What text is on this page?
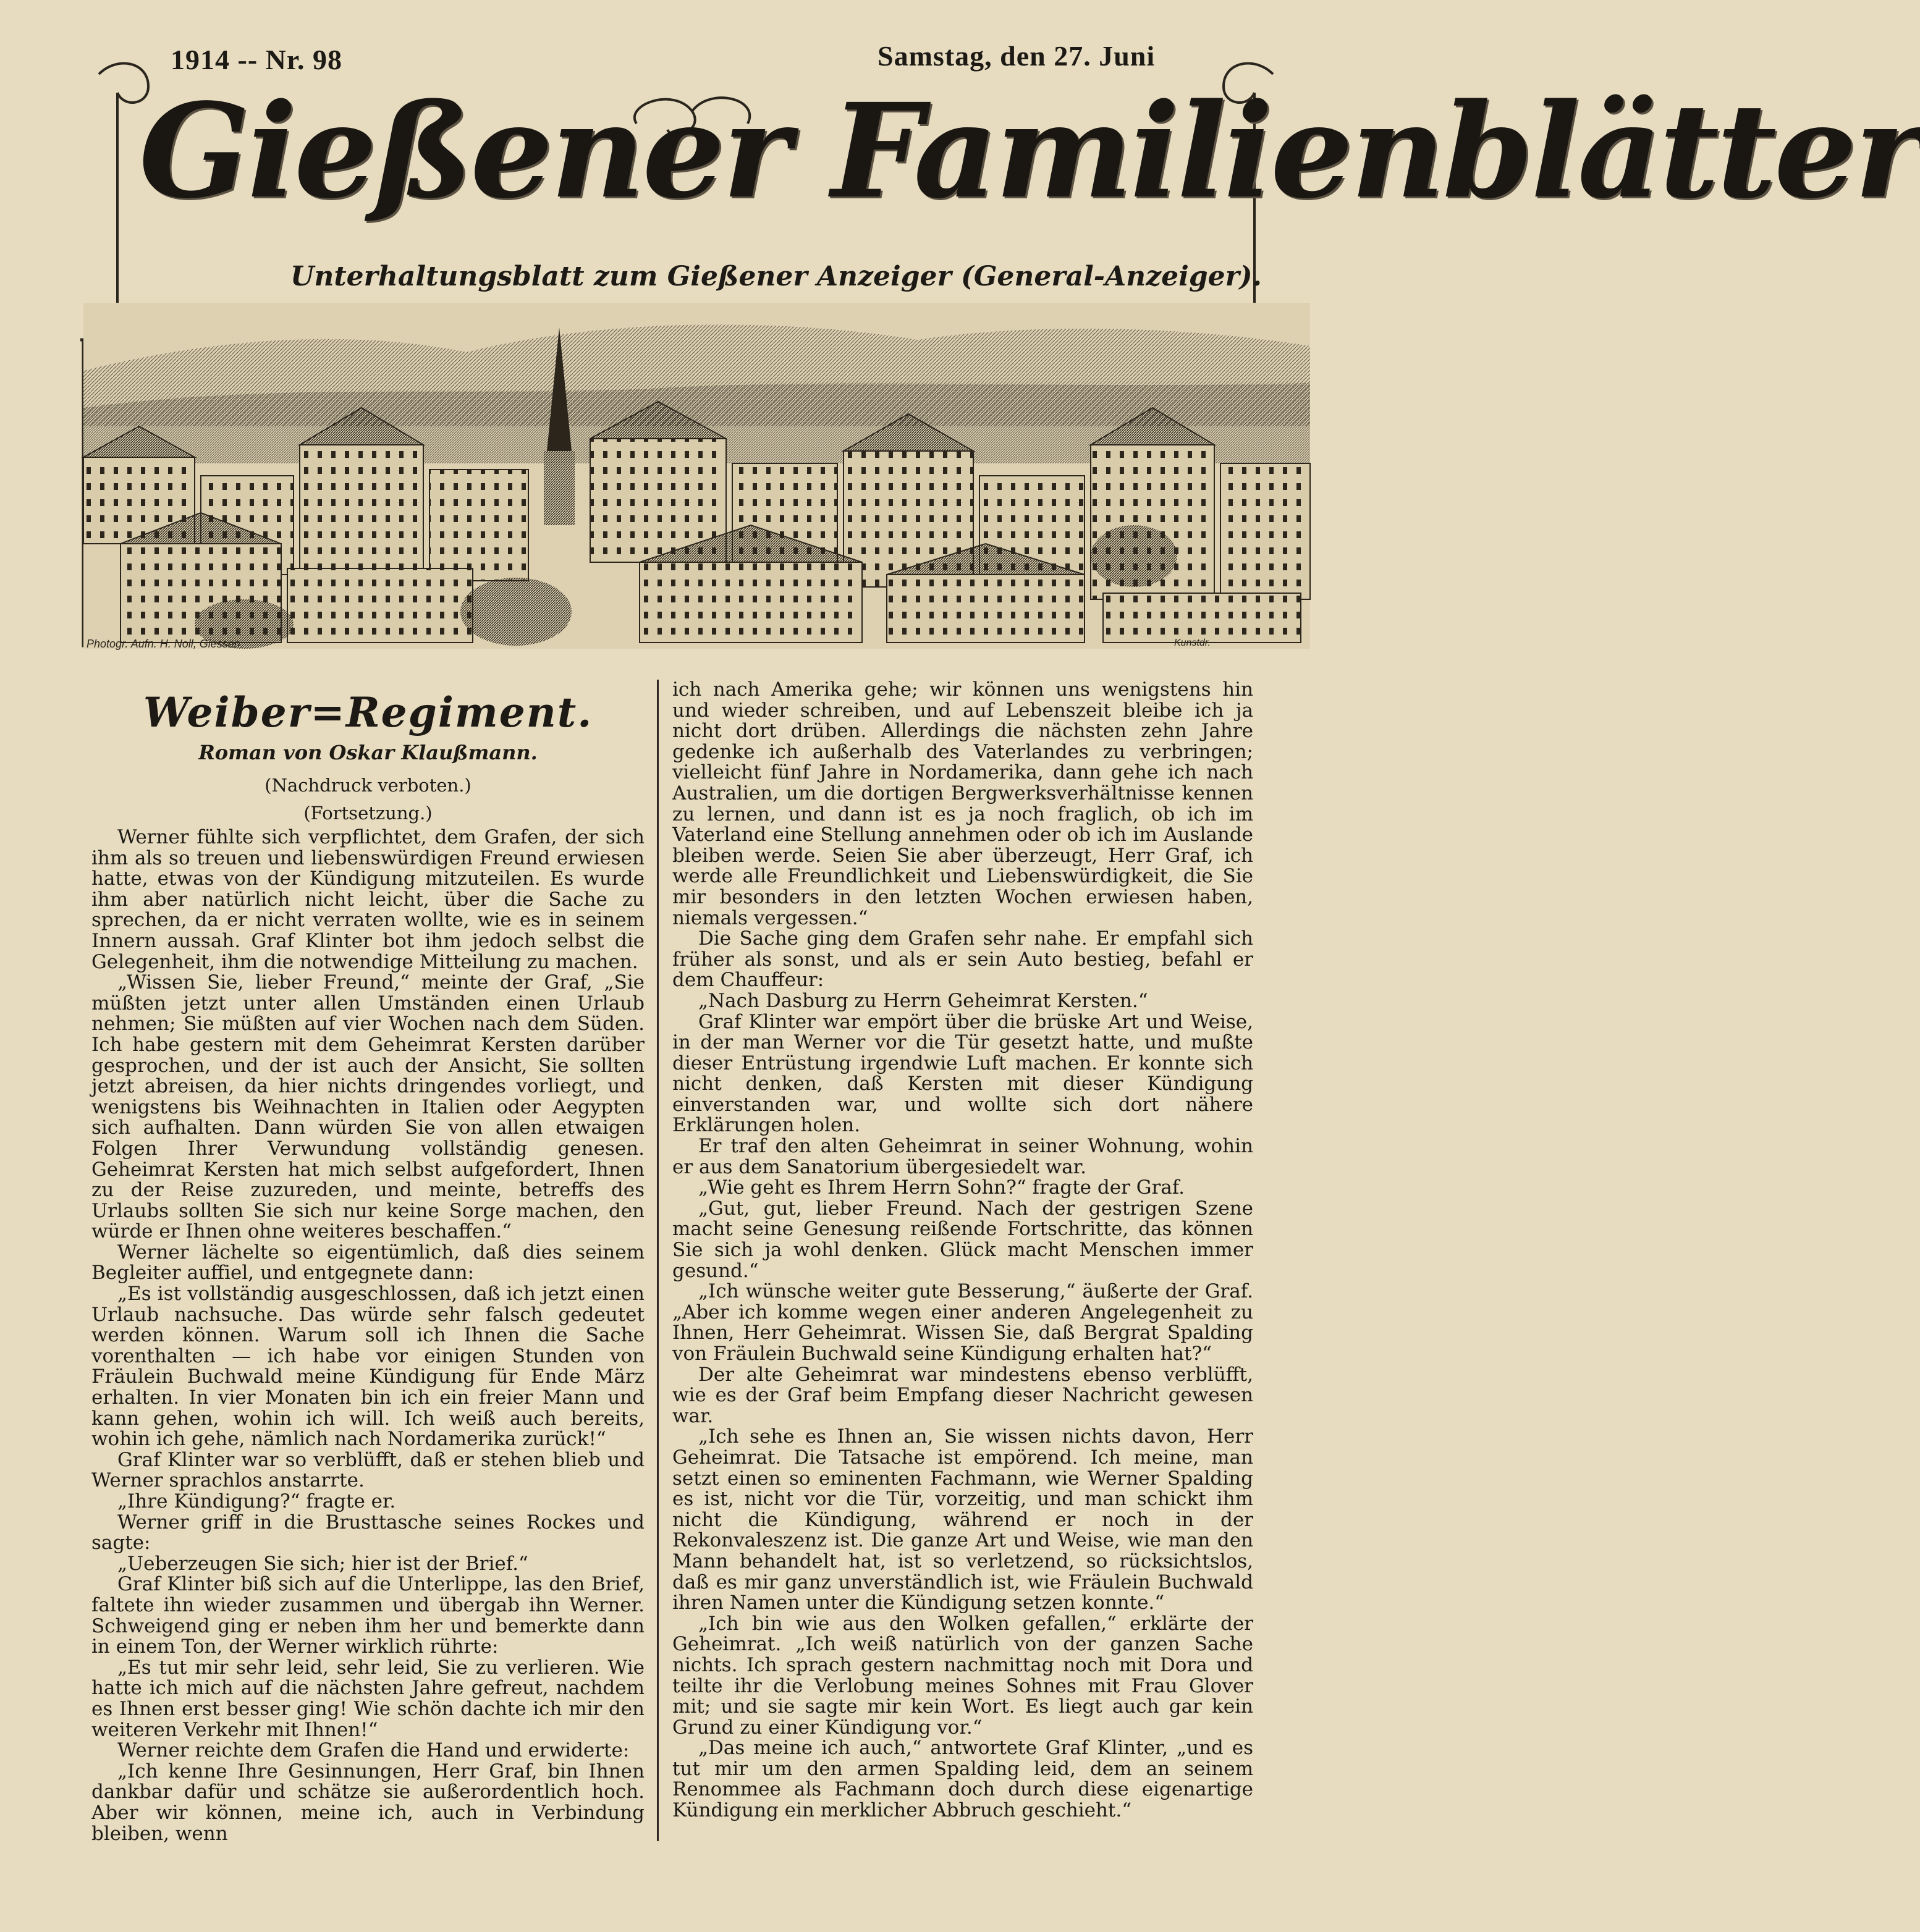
1914 -- Nr. 98	Samstag, den 27. Juni
Gießener Familienblätter
Unterhaltungsblatt zum Gießener Anzeiger (General-Anzeiger).
Photogr. Aufn. H. Noll, Giessen.	Kunstdr.
Weiber=Regiment.
Roman von Oskar Klaußmann.
(Nachdruck verboten.)
(Fortsetzung.)

Werner fühlte sich verpflichtet, dem Grafen, der sich ihm als so treuen und liebenswürdigen Freund erwiesen hatte, etwas von der Kündigung mitzuteilen. Es wurde ihm aber natürlich nicht leicht, über die Sache zu sprechen, da er nicht verraten wollte, wie es in seinem Innern aussah. Graf Klinter bot ihm jedoch selbst die Gelegenheit, ihm die notwendige Mitteilung zu machen.

„Wissen Sie, lieber Freund,“ meinte der Graf, „Sie müßten jetzt unter allen Umständen einen Urlaub nehmen; Sie müßten auf vier Wochen nach dem Süden. Ich habe gestern mit dem Geheimrat Kersten darüber gesprochen, und der ist auch der Ansicht, Sie sollten jetzt abreisen, da hier nichts dringendes vorliegt, und wenigstens bis Weihnachten in Italien oder Aegypten sich aufhalten. Dann würden Sie von allen etwaigen Folgen Ihrer Verwundung vollständig genesen. Geheimrat Kersten hat mich selbst aufgefordert, Ihnen zu der Reise zuzureden, und meinte, betreffs des Urlaubs sollten Sie sich nur keine Sorge machen, den würde er Ihnen ohne weiteres beschaffen.“

Werner lächelte so eigentümlich, daß dies seinem Begleiter auffiel, und entgegnete dann:

„Es ist vollständig ausgeschlossen, daß ich jetzt einen Urlaub nachsuche. Das würde sehr falsch gedeutet werden können. Warum soll ich Ihnen die Sache vorenthalten — ich habe vor einigen Stunden von Fräulein Buchwald meine Kündigung für Ende März erhalten. In vier Monaten bin ich ein freier Mann und kann gehen, wohin ich will. Ich weiß auch bereits, wohin ich gehe, nämlich nach Nordamerika zurück!“

Graf Klinter war so verblüfft, daß er stehen blieb und Werner sprachlos anstarrte.

„Ihre Kündigung?“ fragte er.

Werner griff in die Brusttasche seines Rockes und sagte:

„Ueberzeugen Sie sich; hier ist der Brief.“

Graf Klinter biß sich auf die Unterlippe, las den Brief, faltete ihn wieder zusammen und übergab ihn Werner. Schweigend ging er neben ihm her und bemerkte dann in einem Ton, der Werner wirklich rührte:

„Es tut mir sehr leid, sehr leid, Sie zu verlieren. Wie hatte ich mich auf die nächsten Jahre gefreut, nachdem es Ihnen erst besser ging! Wie schön dachte ich mir den weiteren Verkehr mit Ihnen!“

Werner reichte dem Grafen die Hand und erwiderte:

„Ich kenne Ihre Gesinnungen, Herr Graf, bin Ihnen dankbar dafür und schätze sie außerordentlich hoch. Aber wir können, meine ich, auch in Verbindung bleiben, wenn

ich nach Amerika gehe; wir können uns wenigstens hin und wieder schreiben, und auf Lebenszeit bleibe ich ja nicht dort drüben. Allerdings die nächsten zehn Jahre gedenke ich außerhalb des Vaterlandes zu verbringen; vielleicht fünf Jahre in Nordamerika, dann gehe ich nach Australien, um die dortigen Bergwerksverhältnisse kennen zu lernen, und dann ist es ja noch fraglich, ob ich im Vaterland eine Stellung annehmen oder ob ich im Auslande bleiben werde. Seien Sie aber überzeugt, Herr Graf, ich werde alle Freundlichkeit und Liebenswürdigkeit, die Sie mir besonders in den letzten Wochen erwiesen haben, niemals vergessen.“

Die Sache ging dem Grafen sehr nahe. Er empfahl sich früher als sonst, und als er sein Auto bestieg, befahl er dem Chauffeur:

„Nach Dasburg zu Herrn Geheimrat Kersten.“

Graf Klinter war empört über die brüske Art und Weise, in der man Werner vor die Tür gesetzt hatte, und mußte dieser Entrüstung irgendwie Luft machen. Er konnte sich nicht denken, daß Kersten mit dieser Kündigung einverstanden war, und wollte sich dort nähere Erklärungen holen.

Er traf den alten Geheimrat in seiner Wohnung, wohin er aus dem Sanatorium übergesiedelt war.

„Wie geht es Ihrem Herrn Sohn?“ fragte der Graf.

„Gut, gut, lieber Freund. Nach der gestrigen Szene macht seine Genesung reißende Fortschritte, das können Sie sich ja wohl denken. Glück macht Menschen immer gesund.“

„Ich wünsche weiter gute Besserung,“ äußerte der Graf. „Aber ich komme wegen einer anderen Angelegenheit zu Ihnen, Herr Geheimrat. Wissen Sie, daß Bergrat Spalding von Fräulein Buchwald seine Kündigung erhalten hat?“

Der alte Geheimrat war mindestens ebenso verblüfft, wie es der Graf beim Empfang dieser Nachricht gewesen war.

„Ich sehe es Ihnen an, Sie wissen nichts davon, Herr Geheimrat. Die Tatsache ist empörend. Ich meine, man setzt einen so eminenten Fachmann, wie Werner Spalding es ist, nicht vor die Tür, vorzeitig, und man schickt ihm nicht die Kündigung, während er noch in der Rekonvaleszenz ist. Die ganze Art und Weise, wie man den Mann behandelt hat, ist so verletzend, so rücksichtslos, daß es mir ganz unverständlich ist, wie Fräulein Buchwald ihren Namen unter die Kündigung setzen konnte.“

„Ich bin wie aus den Wolken gefallen,“ erklärte der Geheimrat. „Ich weiß natürlich von der ganzen Sache nichts. Ich sprach gestern nachmittag noch mit Dora und teilte ihr die Verlobung meines Sohnes mit Frau Glover mit; und sie sagte mir kein Wort. Es liegt auch gar kein Grund zu einer Kündigung vor.“

„Das meine ich auch,“ antwortete Graf Klinter, „und es tut mir um den armen Spalding leid, dem an seinem Renommee als Fachmann doch durch diese eigenartige Kündigung ein merklicher Abbruch geschieht.“
